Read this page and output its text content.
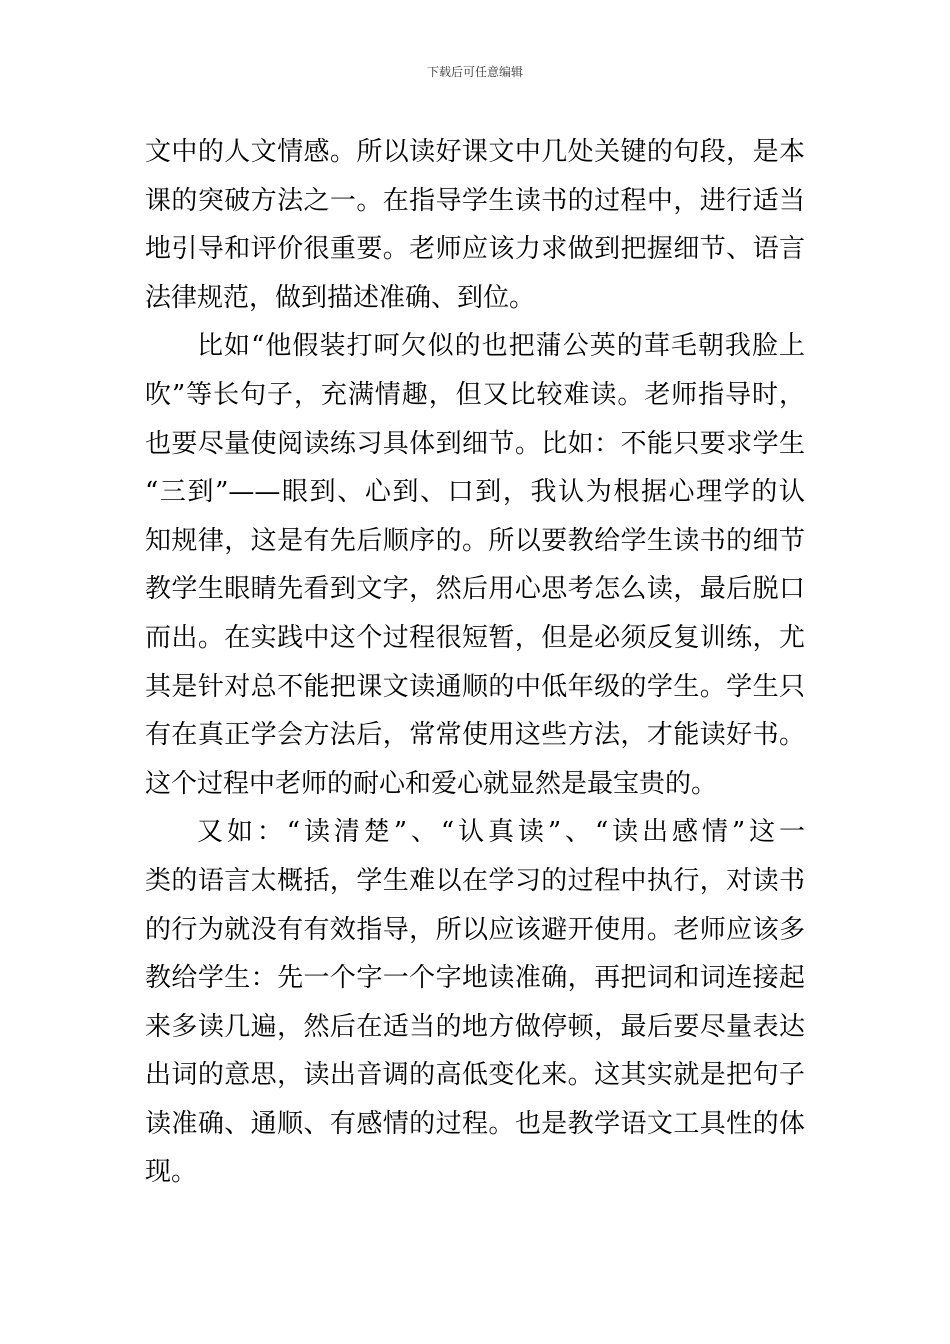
下载后可任意编辑
文中的人文情感。所以读好课文中几处关键的句段，是本
课的突破方法之一。在指导学生读书的过程中，进行适当
地引导和评价很重要。老师应该力求做到把握细节、语言
法律规范，做到描述准确、到位。
比如“他假装打呵欠似的也把蒲公英的茸毛朝我脸上
吹”等长句子，充满情趣，但又比较难读。老师指导时，
也要尽量使阅读练习具体到细节。比如：不能只要求学生
“三到”——眼到、心到、口到，我认为根据心理学的认
知规律，这是有先后顺序的。所以要教给学生读书的细节
教学生眼睛先看到文字，然后用心思考怎么读，最后脱口
而出。在实践中这个过程很短暂，但是必须反复训练，尤
其是针对总不能把课文读通顺的中低年级的学生。学生只
有在真正学会方法后，常常使用这些方法，才能读好书。
这个过程中老师的耐心和爱心就显然是最宝贵的。
又如：“读清楚”、“认真读”、“读出感情”这一
类的语言太概括，学生难以在学习的过程中执行，对读书
的行为就没有有效指导，所以应该避开使用。老师应该多
教给学生：先一个字一个字地读准确，再把词和词连接起
来多读几遍，然后在适当的地方做停顿，最后要尽量表达
出词的意思，读出音调的高低变化来。这其实就是把句子
读准确、通顺、有感情的过程。也是教学语文工具性的体
现。
